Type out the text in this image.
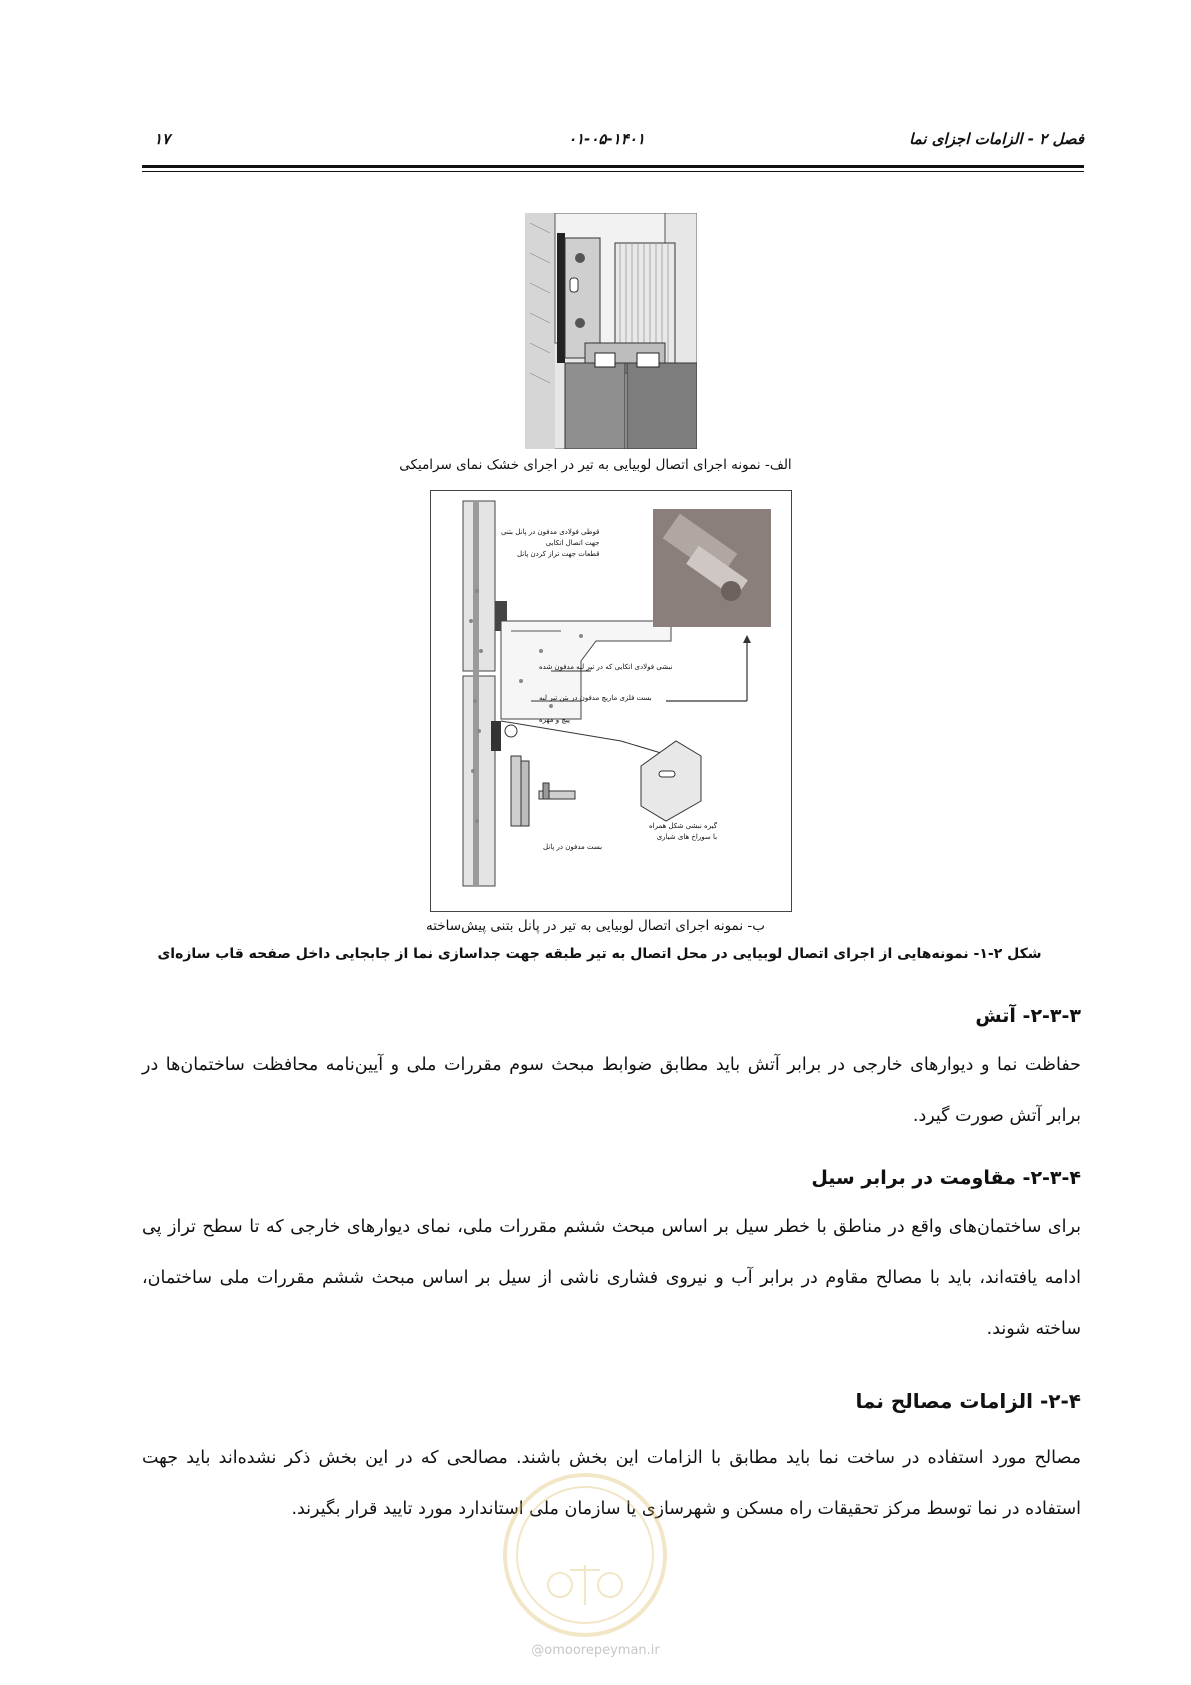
فصل ۲ - الزامات اجزای نما
۰۱-۰۵-۱۴۰۱
۱۷
الف- نمونه اجرای اتصال لوبیایی به تیر در اجرای خشک نمای سرامیکی
قوطی فولادی مدفون در پانل بتنی
جهت اتصال اتکایی
قطعات جهت تراز کردن پانل
نبشی فولادی اتکایی که در تیر لبه مدفون شده
بست فلزی ماریچ مدفون در بتن تیر لبه
پیچ و مهره
گیره نبشی شکل همراه
با سوراخ های شیاری
بست مدفون در پانل
ب- نمونه اجرای اتصال لوبیایی به تیر در پانل بتنی پیش‌ساخته
شکل ۲-۱- نمونه‌هایی از اجرای اتصال لوبیایی در محل اتصال به تیر طبقه جهت جداسازی نما از جابجایی داخل صفحه قاب سازه‌ای
۲-۳-۳- آتش
حفاظت نما و دیوارهای خارجی در برابر آتش باید مطابق ضوابط مبحث سوم مقررات ملی و آیین‌نامه محافظت ساختمان‌ها در برابر آتش صورت گیرد.
۲-۳-۴- مقاومت در برابر سیل
برای ساختمان‌های واقع در مناطق با خطر سیل بر اساس مبحث ششم مقررات ملی، نمای دیوارهای خارجی که تا سطح تراز پی ادامه یافته‌اند، باید با مصالح مقاوم در برابر آب و نیروی فشاری ناشی از سیل بر اساس مبحث ششم مقررات ملی ساختمان، ساخته شوند.
۲-۴- الزامات مصالح نما
مصالح مورد استفاده در ساخت نما باید مطابق با الزامات این بخش باشند. مصالحی که در این بخش ذکر نشده‌اند باید جهت استفاده در نما توسط مرکز تحقیقات راه مسکن و شهرسازی یا سازمان ملی استاندارد مورد تایید قرار بگیرند.
@omoorepeyman.ir
